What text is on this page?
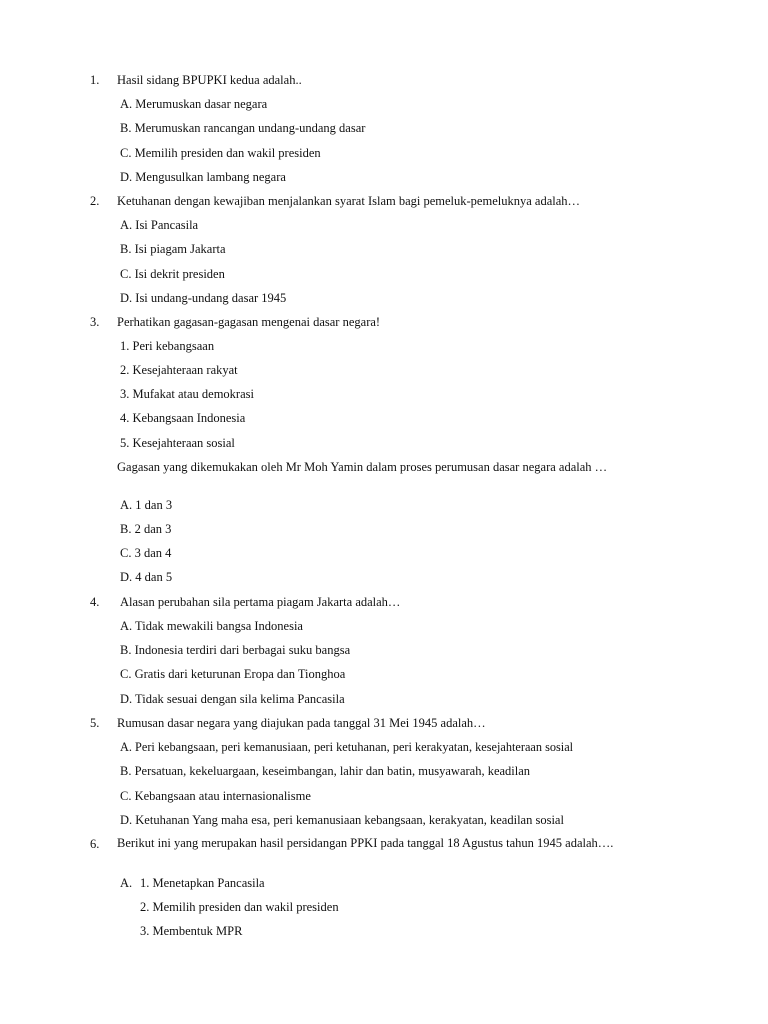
1. Hasil sidang BPUPKI kedua adalah..
A. Merumuskan dasar negara
B. Merumuskan rancangan undang-undang dasar
C. Memilih presiden dan wakil presiden
D. Mengusulkan lambang negara
2. Ketuhanan dengan kewajiban menjalankan syarat Islam bagi pemeluk-pemeluknya adalah…
A. Isi Pancasila
B. Isi piagam Jakarta
C. Isi dekrit presiden
D. Isi undang-undang dasar 1945
3. Perhatikan gagasan-gagasan mengenai dasar negara!
1. Peri kebangsaan
2. Kesejahteraan rakyat
3. Mufakat atau demokrasi
4. Kebangsaan Indonesia
5. Kesejahteraan sosial
Gagasan yang dikemukakan oleh Mr Moh Yamin dalam proses perumusan dasar negara adalah …
A. 1 dan 3
B. 2 dan 3
C. 3 dan 4
D. 4 dan 5
4. Alasan perubahan sila pertama piagam Jakarta adalah…
A. Tidak mewakili bangsa Indonesia
B. Indonesia terdiri dari berbagai suku bangsa
C. Gratis dari keturunan Eropa dan Tionghoa
D. Tidak sesuai dengan sila kelima Pancasila
5. Rumusan dasar negara yang diajukan pada tanggal 31 Mei 1945 adalah…
A. Peri kebangsaan, peri kemanusiaan, peri ketuhanan, peri kerakyatan, kesejahteraan sosial
B. Persatuan, kekeluargaan, keseimbangan, lahir dan batin, musyawarah, keadilan
C. Kebangsaan atau internasionalisme
D. Ketuhanan Yang maha esa, peri kemanusiaan kebangsaan, kerakyatan, keadilan sosial
6. Berikut ini yang merupakan hasil persidangan PPKI pada tanggal 18 Agustus tahun 1945 adalah….
A. 1. Menetapkan Pancasila
2. Memilih presiden dan wakil presiden
3. Membentuk MPR
